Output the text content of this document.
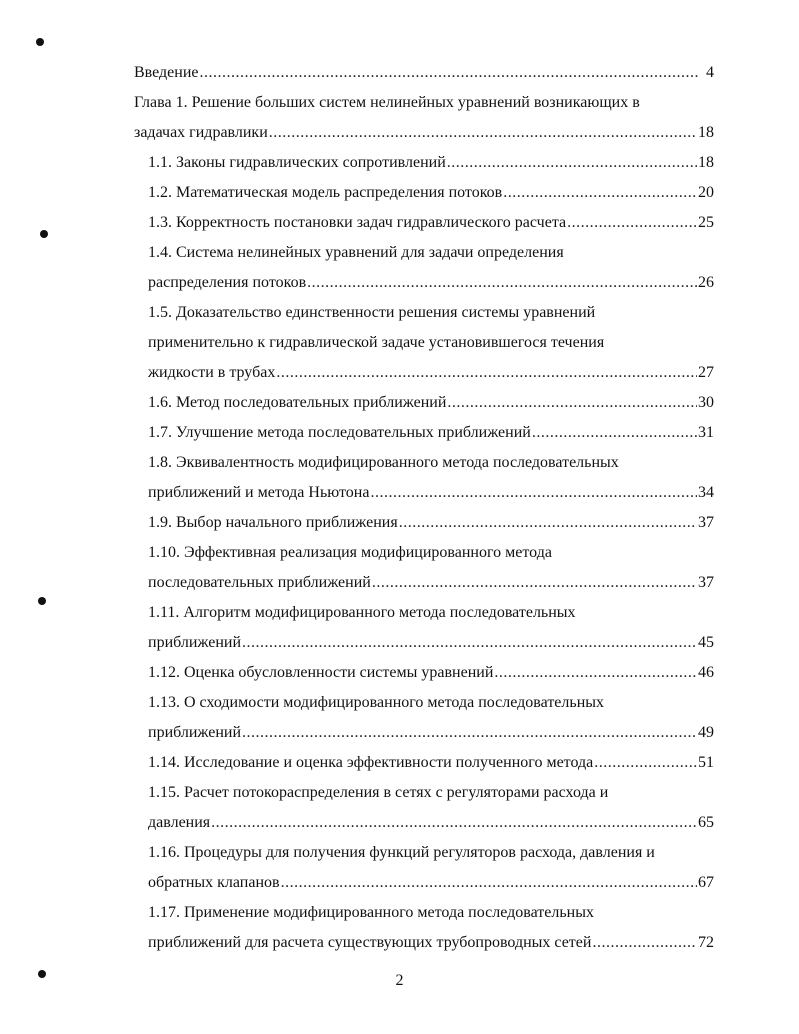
Введение .....	4
Глава 1. Решение больших систем нелинейных уравнений возникающих в
задачах гидравлики .....	18
1.1. Законы гидравлических сопротивлений .....	18
1.2. Математическая модель распределения потоков .....	20
1.3. Корректность постановки задач гидравлического расчета .....	25
1.4. Система нелинейных уравнений для задачи определения
распределения потоков .....	26
1.5. Доказательство единственности решения системы уравнений
применительно к гидравлической задаче установившегося течения
жидкости в трубах .....	27
1.6. Метод последовательных приближений .....	30
1.7. Улучшение метода последовательных приближений .....	31
1.8. Эквивалентность модифицированного метода последовательных
приближений и метода Ньютона .....	34
1.9. Выбор начального приближения .....	37
1.10. Эффективная реализация модифицированного метода
последовательных приближений .....	37
1.11. Алгоритм модифицированного метода последовательных
приближений .....	45
1.12. Оценка обусловленности системы уравнений .....	46
1.13. О сходимости модифицированного метода последовательных
приближений .....	49
1.14. Исследование и оценка эффективности полученного метода .....	51
1.15. Расчет потокораспределения в сетях с регуляторами расхода и
давления .....	65
1.16. Процедуры для получения функций регуляторов расхода, давления и
обратных клапанов .....	67
1.17. Применение модифицированного метода последовательных
приближений для расчета существующих трубопроводных сетей .....	72
2
